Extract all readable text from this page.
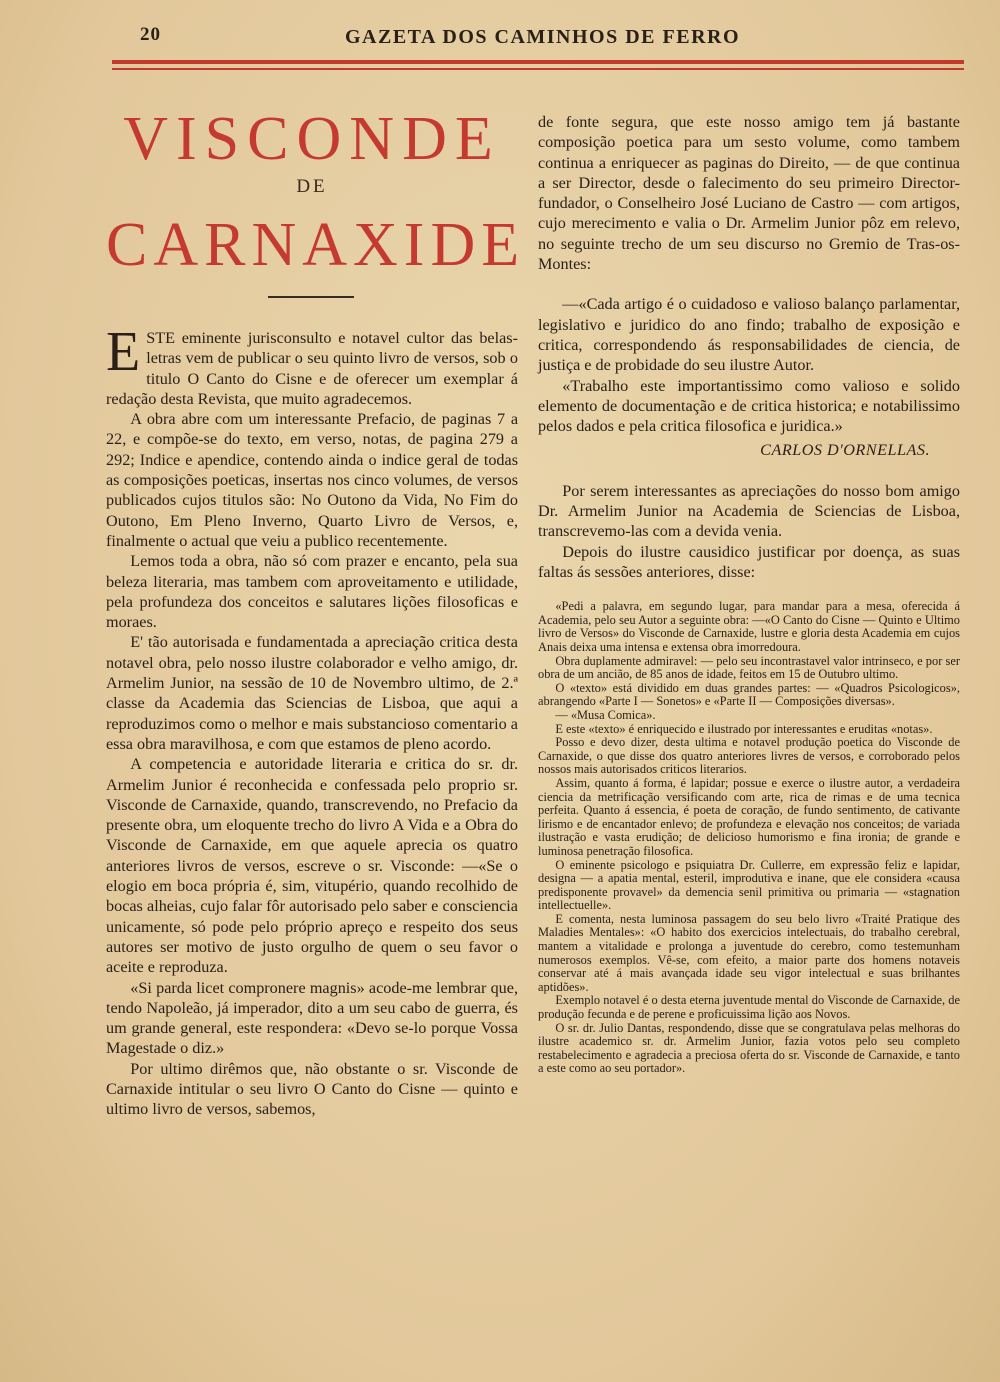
20	GAZETA DOS CAMINHOS DE FERRO
VISCONDE
DE
CARNAXIDE

ESTE eminente jurisconsulto e notavel cultor das belas-letras vem de publicar o seu quinto livro de versos, sob o titulo O Canto do Cisne e de oferecer um exemplar á redação desta Revista, que muito agradecemos.

A obra abre com um interessante Prefacio, de paginas 7 a 22, e compõe-se do texto, em verso, notas, de pagina 279 a 292; Indice e apendice, contendo ainda o indice geral de todas as composições poeticas, insertas nos cinco volumes, de versos publicados cujos titulos são: No Outono da Vida, No Fim do Outono, Em Pleno Inverno, Quarto Livro de Versos, e, finalmente o actual que veiu a publico recentemente.

Lemos toda a obra, não só com prazer e encanto, pela sua beleza literaria, mas tambem com aproveitamento e utilidade, pela profundeza dos conceitos e salutares lições filosoficas e moraes.

E' tão autorisada e fundamentada a apreciação critica desta notavel obra, pelo nosso ilustre colaborador e velho amigo, dr. Armelim Junior, na sessão de 10 de Novembro ultimo, de 2.ª classe da Academia das Sciencias de Lisboa, que aqui a reproduzimos como o melhor e mais substancioso comentario a essa obra maravilhosa, e com que estamos de pleno acordo.

A competencia e autoridade literaria e critica do sr. dr. Armelim Junior é reconhecida e confessada pelo proprio sr. Visconde de Carnaxide, quando, transcrevendo, no Prefacio da presente obra, um eloquente trecho do livro A Vida e a Obra do Visconde de Carnaxide, em que aquele aprecia os quatro anteriores livros de versos, escreve o sr. Visconde: —«Se o elogio em boca própria é, sim, vitupério, quando recolhido de bocas alheias, cujo falar fôr autorisado pelo saber e consciencia unicamente, só pode pelo próprio apreço e respeito dos seus autores ser motivo de justo orgulho de quem o seu favor o aceite e reproduza.

«Si parda licet compronere magnis» acode-me lembrar que, tendo Napoleão, já imperador, dito a um seu cabo de guerra, és um grande general, este respondera: «Devo se-lo porque Vossa Magestade o diz.»

Por ultimo dirêmos que, não obstante o sr. Visconde de Carnaxide intitular o seu livro O Canto do Cisne — quinto e ultimo livro de versos, sabemos,

de fonte segura, que este nosso amigo tem já bastante composição poetica para um sesto volume, como tambem continua a enriquecer as paginas do Direito, — de que continua a ser Director, desde o falecimento do seu primeiro Director-fundador, o Conselheiro José Luciano de Castro — com artigos, cujo merecimento e valia o Dr. Armelim Junior pôz em relevo, no seguinte trecho de um seu discurso no Gremio de Tras-os-Montes:

—«Cada artigo é o cuidadoso e valioso balanço parlamentar, legislativo e juridico do ano findo; trabalho de exposição e critica, correspondendo ás responsabilidades de ciencia, de justiça e de probidade do seu ilustre Autor.

«Trabalho este importantissimo como valioso e solido elemento de documentação e de critica historica; e notabilissimo pelos dados e pela critica filosofica e juridica.»

CARLOS D'ORNELLAS.

Por serem interessantes as apreciações do nosso bom amigo Dr. Armelim Junior na Academia de Sciencias de Lisboa, transcrevemo-las com a devida venia.

Depois do ilustre causidico justificar por doença, as suas faltas ás sessões anteriores, disse:

«Pedi a palavra, em segundo lugar, para mandar para a mesa, oferecida á Academia, pelo seu Autor a seguinte obra: —«O Canto do Cisne — Quinto e Ultimo livro de Versos» do Visconde de Carnaxide, lustre e gloria desta Academia em cujos Anais deixa uma intensa e extensa obra imorredoura.

Obra duplamente admiravel: — pelo seu incontrastavel valor intrinseco, e por ser obra de um ancião, de 85 anos de idade, feitos em 15 de Outubro ultimo.

O «texto» está dividido em duas grandes partes: — «Quadros Psicologicos», abrangendo «Parte I — Sonetos» e «Parte II — Composições diversas».

— «Musa Comica».

E este «texto» é enriquecido e ilustrado por interessantes e eruditas «notas».

Posso e devo dizer, desta ultima e notavel produção poetica do Visconde de Carnaxide, o que disse dos quatro anteriores livres de versos, e corroborado pelos nossos mais autorisados criticos literarios.

Assim, quanto á forma, é lapidar; possue e exerce o ilustre autor, a verdadeira ciencia da metrificação versificando com arte, rica de rimas e de uma tecnica perfeita. Quanto á essencia, é poeta de coração, de fundo sentimento, de cativante lirismo e de encantador enlevo; de profundeza e elevação nos conceitos; de variada ilustração e vasta erudição; de delicioso humorismo e fina ironia; de grande e luminosa penetração filosofica.

O eminente psicologo e psiquiatra Dr. Cullerre, em expressão feliz e lapidar, designa — a apatia mental, esteril, improdutiva e inane, que ele considera «causa predisponente provavel» da demencia senil primitiva ou primaria — «stagnation intellectuelle».

E comenta, nesta luminosa passagem do seu belo livro «Traité Pratique des Maladies Mentales»: «O habito dos exercicios intelectuais, do trabalho cerebral, mantem a vitalidade e prolonga a juventude do cerebro, como testemunham numerosos exemplos. Vê-se, com efeito, a maior parte dos homens notaveis conservar até á mais avançada idade seu vigor intelectual e suas brilhantes aptidões».

Exemplo notavel é o desta eterna juventude mental do Visconde de Carnaxide, de produção fecunda e de perene e proficuissima lição aos Novos.

O sr. dr. Julio Dantas, respondendo, disse que se congratulava pelas melhoras do ilustre academico sr. dr. Armelim Junior, fazia votos pelo seu completo restabelecimento e agradecia a preciosa oferta do sr. Visconde de Carnaxide, e tanto a este como ao seu portador».
